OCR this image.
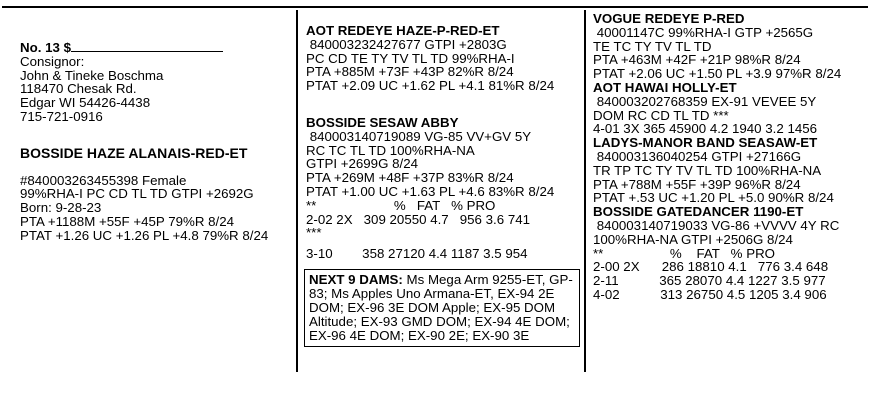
No. 13 $
Consignor:
John & Tineke Boschma
118470 Chesak Rd.
Edgar WI 54426-4438
715-721-0916
BOSSIDE HAZE ALANAIS-RED-ET
#840003263455398 Female
99%RHA-I PC CD TL TD GTPI +2692G
Born: 9-28-23
PTA +1188M +55F +45P 79%R 8/24
PTAT +1.26 UC +1.26 PL +4.8 79%R 8/24
AOT REDEYE HAZE-P-RED-ET
840003232427677 GTPI +2803G
PC CD TE TY TV TL TD 99%RHA-I
PTA +885M +73F +43P 82%R 8/24
PTAT +2.09 UC +1.62 PL +4.1 81%R 8/24
BOSSIDE SESAW ABBY
840003140719089 VG-85 VV+GV 5Y
RC TC TL TD 100%RHA-NA
GTPI +2699G 8/24
PTA +269M +48F +37P 83%R 8/24
PTAT +1.00 UC +1.63 PL +4.6 83%R 8/24
**                     %   FAT   % PRO
2-02 2X   309 20550 4.7   956 3.6 741
***
3-10        358 27120 4.4 1187 3.5 954
NEXT 9 DAMS: Ms Mega Arm 9255-ET, GP-83; Ms Apples Uno Armana-ET, EX-94 2E DOM; EX-96 3E DOM Apple; EX-95 DOM Altitude; EX-93 GMD DOM; EX-94 4E DOM; EX-96 4E DOM; EX-90 2E; EX-90 3E
VOGUE REDEYE P-RED
40001147C 99%RHA-I GTP +2565G
TE TC TY TV TL TD
PTA +463M +42F +21P 98%R 8/24
PTAT +2.06 UC +1.50 PL +3.9 97%R 8/24
AOT HAWAI HOLLY-ET
840003202768359 EX-91 VEVEE 5Y
DOM RC CD TL TD ***
4-01 3X 365 45900 4.2 1940 3.2 1456
LADYS-MANOR BAND SEASAW-ET
840003136040254 GTPI +27166G
TR TP TC TY TV TL TD 100%RHA-NA
PTA +788M +55F +39P 96%R 8/24
PTAT +.53 UC +1.20 PL +5.0 90%R 8/24
BOSSIDE GATEDANCER 1190-ET
840003140719033 VG-86 +VVVV 4Y RC
100%RHA-NA GTPI +2506G 8/24
**                  %    FAT   % PRO
2-00 2X      286 18810 4.1   776 3.4 648
2-11           365 28070 4.4 1227 3.5 977
4-02           313 26750 4.5 1205 3.4 906
